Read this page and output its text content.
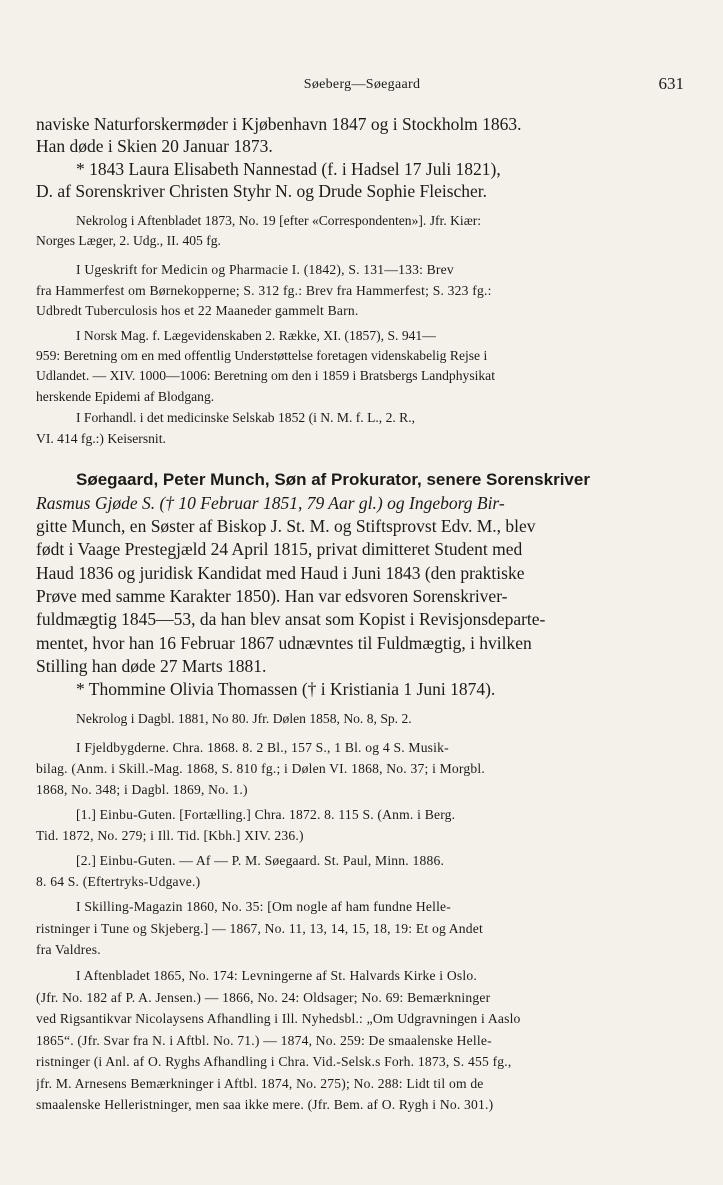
Søeberg—Søegaard	631
naviske Naturforskermøder i Kjøbenhavn 1847 og i Stockholm 1863.
Han døde i Skien 20 Januar 1873.
* 1843 Laura Elisabeth Nannestad (f. i Hadsel 17 Juli 1821),
D. af Sorenskriver Christen Styhr N. og Drude Sophie Fleischer.
Nekrolog i Aftenbladet 1873, No. 19 [efter «Correspondenten»]. Jfr. Kiær:
Norges Læger, 2. Udg., II. 405 fg.
I Ugeskrift for Medicin og Pharmacie I. (1842), S. 131—133: Brev
fra Hammerfest om Børnekopperne; S. 312 fg.: Brev fra Hammerfest; S. 323 fg.:
Udbredt Tuberculosis hos et 22 Maaneder gammelt Barn.
I Norsk Mag. f. Lægevidenskaben 2. Række, XI. (1857), S. 941—
959: Beretning om en med offentlig Understøttelse foretagen videnskabelig Rejse i
Udlandet. — XIV. 1000—1006: Beretning om den i 1859 i Bratsbergs Landphysikat
herskende Epidemi af Blodgang.
I Forhandl. i det medicinske Selskab 1852 (i N. M. f. L., 2. R.,
VI. 414 fg.:) Keisersnit.
Søegaard, Peter Munch, Søn af Prokurator, senere Sorenskriver
Rasmus Gjøde S. († 10 Februar 1851, 79 Aar gl.) og Ingeborg Bir-
gitte Munch, en Søster af Biskop J. St. M. og Stiftsprovst Edv. M., blev
født i Vaage Prestegjæld 24 April 1815, privat dimitteret Student med
Haud 1836 og juridisk Kandidat med Haud i Juni 1843 (den praktiske
Prøve med samme Karakter 1850). Han var edsvoren Sorenskriver-
fuldmægtig 1845—53, da han blev ansat som Kopist i Revisjonsdeparte-
mentet, hvor han 16 Februar 1867 udnævntes til Fuldmægtig, i hvilken
Stilling han døde 27 Marts 1881.
* Thommine Olivia Thomassen († i Kristiania 1 Juni 1874).
Nekrolog i Dagbl. 1881, No 80. Jfr. Dølen 1858, No. 8, Sp. 2.
I Fjeldbygderne. Chra. 1868. 8. 2 Bl., 157 S., 1 Bl. og 4 S. Musik-
bilag. (Anm. i Skill.-Mag. 1868, S. 810 fg.; i Dølen VI. 1868, No. 37; i Morgbl.
1868, No. 348; i Dagbl. 1869, No. 1.)
[1.] Einbu-Guten. [Fortælling.] Chra. 1872. 8. 115 S. (Anm. i Berg.
Tid. 1872, No. 279; i Ill. Tid. [Kbh.] XIV. 236.)
[2.] Einbu-Guten. — Af — P. M. Søegaard. St. Paul, Minn. 1886.
8. 64 S. (Eftertryks-Udgave.)
I Skilling-Magazin 1860, No. 35: [Om nogle af ham fundne Helle-
ristninger i Tune og Skjeberg.] — 1867, No. 11, 13, 14, 15, 18, 19: Et og Andet
fra Valdres.
I Aftenbladet 1865, No. 174: Levningerne af St. Halvards Kirke i Oslo.
(Jfr. No. 182 af P. A. Jensen.) — 1866, No. 24: Oldsager; No. 69: Bemærkninger
ved Rigsantikvar Nicolaysens Afhandling i Ill. Nyhedsbl.: „Om Udgravningen i Aaslo
1865“. (Jfr. Svar fra N. i Aftbl. No. 71.) — 1874, No. 259: De smaalenske Helle-
ristninger (i Anl. af O. Ryghs Afhandling i Chra. Vid.-Selsk.s Forh. 1873, S. 455 fg.,
jfr. M. Arnesens Bemærkninger i Aftbl. 1874, No. 275); No. 288: Lidt til om de
smaalenske Helleristninger, men saa ikke mere. (Jfr. Bem. af O. Rygh i No. 301.)
